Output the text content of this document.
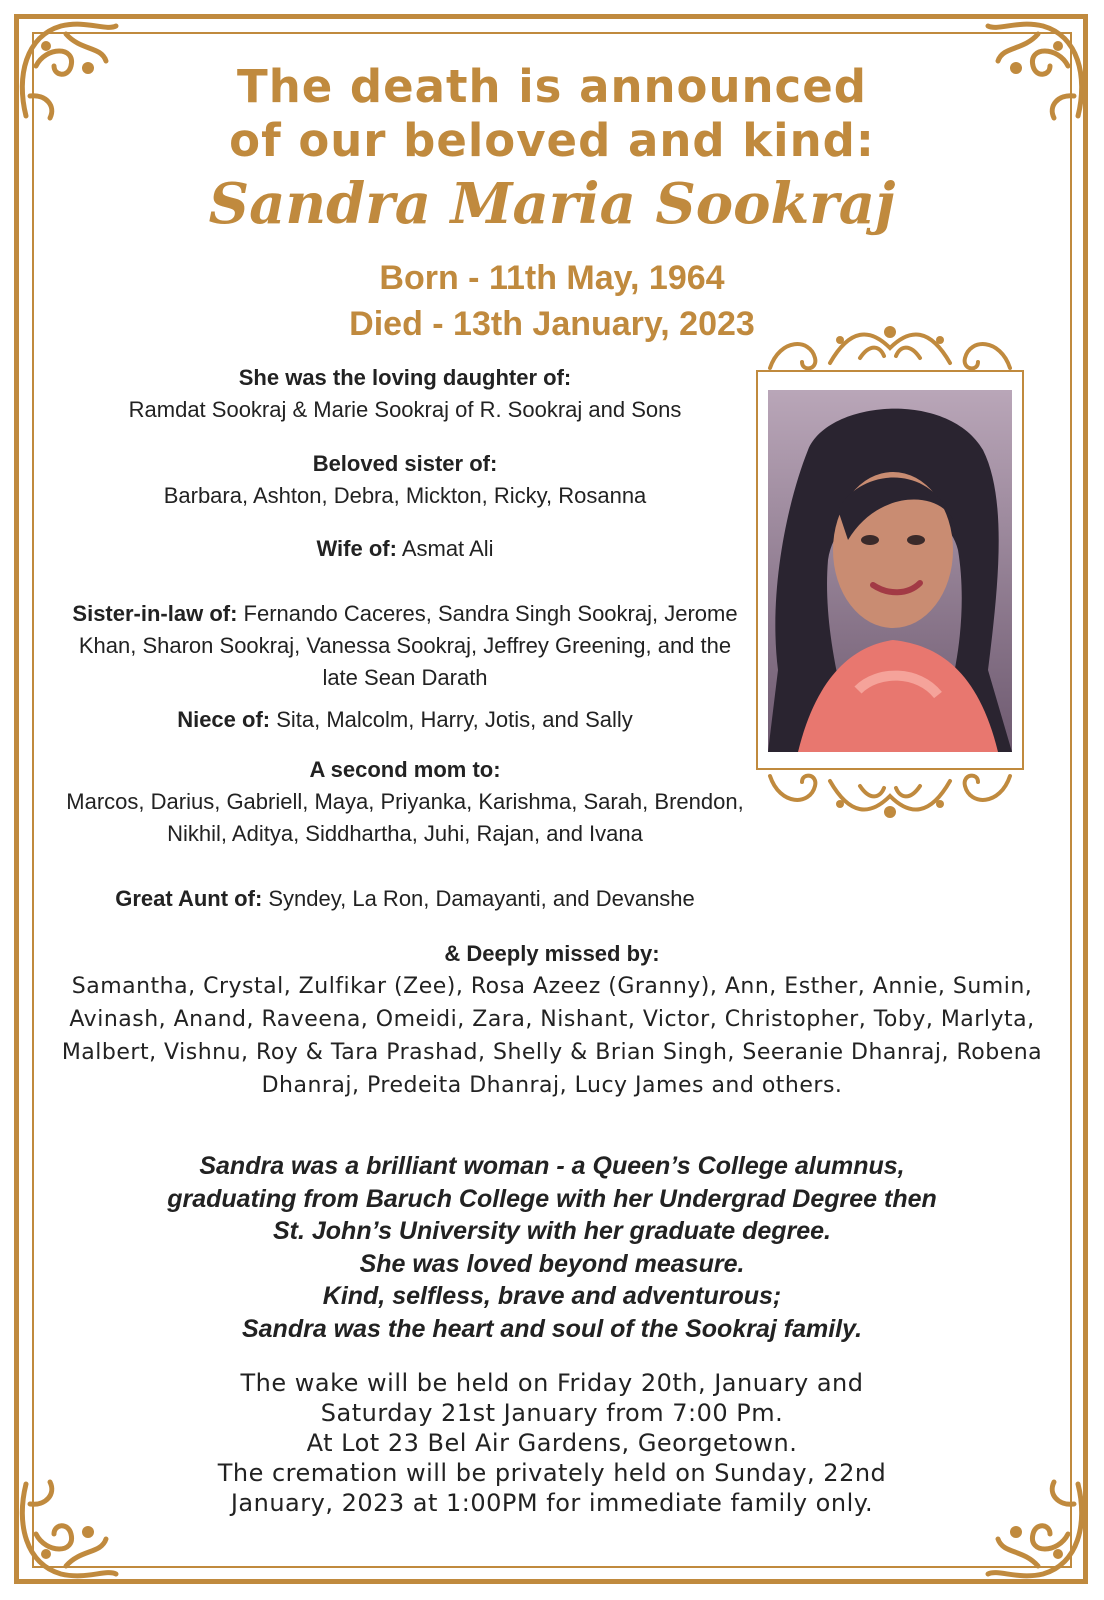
The death is announced
of our beloved and kind:
Sandra Maria Sookraj
Born - 11th May, 1964
Died - 13th January, 2023
She was the loving daughter of:
Ramdat Sookraj & Marie Sookraj of R. Sookraj and Sons
Beloved sister of:
Barbara, Ashton, Debra, Mickton, Ricky, Rosanna
Wife of: Asmat Ali
Sister-in-law of: Fernando Caceres, Sandra Singh Sookraj, Jerome Khan, Sharon Sookraj, Vanessa Sookraj, Jeffrey Greening, and the late Sean Darath
Niece of: Sita, Malcolm, Harry, Jotis, and Sally
A second mom to:
Marcos, Darius, Gabriell, Maya, Priyanka, Karishma, Sarah, Brendon, Nikhil, Aditya, Siddhartha, Juhi, Rajan, and Ivana
Great Aunt of: Syndey, La Ron, Damayanti, and Devanshe
& Deeply missed by:
Samantha, Crystal, Zulfikar (Zee), Rosa Azeez (Granny), Ann, Esther, Annie, Sumin, Avinash, Anand, Raveena, Omeidi, Zara, Nishant, Victor, Christopher, Toby, Marlyta, Malbert, Vishnu, Roy & Tara Prashad, Shelly & Brian Singh, Seeranie Dhanraj, Robena Dhanraj, Predeita Dhanraj, Lucy James and others.
Sandra was a brilliant woman - a Queen’s College alumnus,
graduating from Baruch College with her Undergrad Degree then
St. John’s University with her graduate degree.
She was loved beyond measure.
Kind, selfless, brave and adventurous;
Sandra was the heart and soul of the Sookraj family.
The wake will be held on Friday 20th, January and
Saturday 21st January from 7:00 Pm.
At Lot 23 Bel Air Gardens, Georgetown.
The cremation will be privately held on Sunday, 22nd
January, 2023 at 1:00PM for immediate family only.
